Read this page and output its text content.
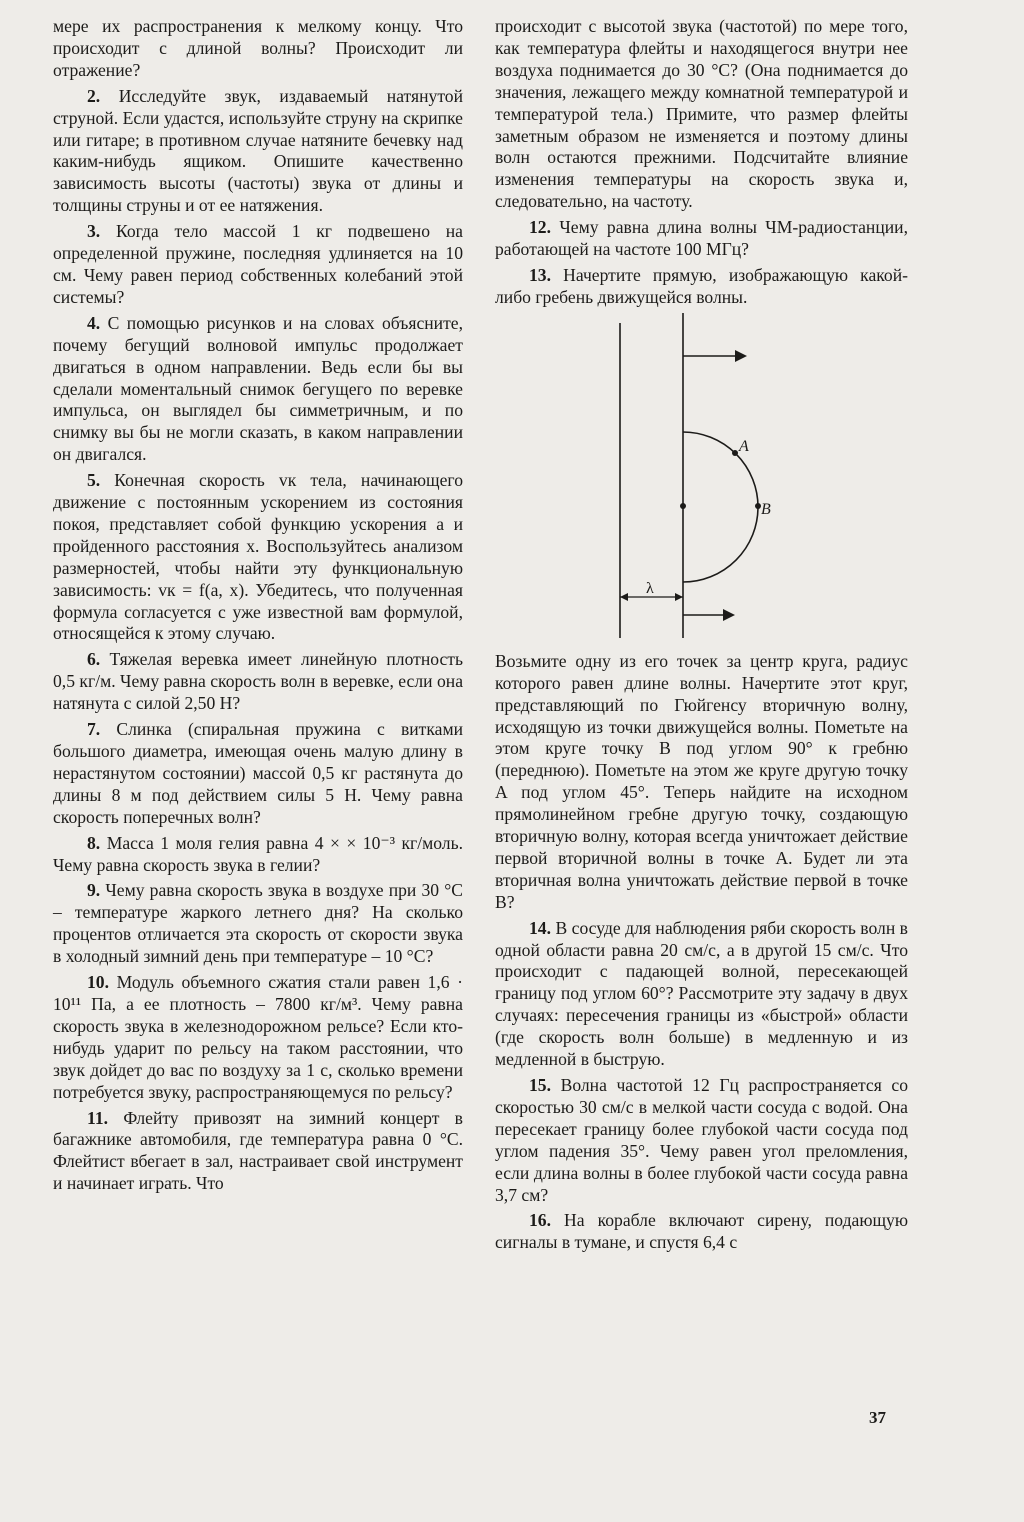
мере их распространения к мелкому концу. Что происходит с длиной волны? Происходит ли отражение?

2. Исследуйте звук, издаваемый натянутой струной. Если удастся, используйте струну на скрипке или гитаре; в противном случае натяните бечевку над каким-нибудь ящиком. Опишите качественно зависимость высоты (частоты) звука от длины и толщины струны и от ее натяжения.

3. Когда тело массой 1 кг подвешено на определенной пружине, последняя удлиняется на 10 см. Чему равен период собственных колебаний этой системы?

4. С помощью рисунков и на словах объясните, почему бегущий волновой импульс продолжает двигаться в одном направлении. Ведь если бы вы сделали моментальный снимок бегущего по веревке импульса, он выглядел бы симметричным, и по снимку вы бы не могли сказать, в каком направлении он двигался.

5. Конечная скорость vк тела, начинающего движение с постоянным ускорением из состояния покоя, представляет собой функцию ускорения a и пройденного расстояния x. Воспользуйтесь анализом размерностей, чтобы найти эту функциональную зависимость: vк = f(a, x). Убедитесь, что полученная формула согласуется с уже известной вам формулой, относящейся к этому случаю.

6. Тяжелая веревка имеет линейную плотность 0,5 кг/м. Чему равна скорость волн в веревке, если она натянута с силой 2,50 Н?

7. Слинка (спиральная пружина с витками большого диаметра, имеющая очень малую длину в нерастянутом состоянии) массой 0,5 кг растянута до длины 8 м под действием силы 5 Н. Чему равна скорость поперечных волн?

8. Масса 1 моля гелия равна 4 × × 10⁻³ кг/моль. Чему равна скорость звука в гелии?

9. Чему равна скорость звука в воздухе при 30 °С – температуре жаркого летнего дня? На сколько процентов отличается эта скорость от скорости звука в холодный зимний день при температуре – 10 °С?

10. Модуль объемного сжатия стали равен 1,6 · 10¹¹ Па, а ее плотность – 7800 кг/м³. Чему равна скорость звука в железнодорожном рельсе? Если кто-нибудь ударит по рельсу на таком расстоянии, что звук дойдет до вас по воздуху за 1 с, сколько времени потребуется звуку, распространяющемуся по рельсу?

11. Флейту привозят на зимний концерт в багажнике автомобиля, где температура равна 0 °С. Флейтист вбегает в зал, настраивает свой инструмент и начинает играть. Что

происходит с высотой звука (частотой) по мере того, как температура флейты и находящегося внутри нее воздуха поднимается до 30 °С? (Она поднимается до значения, лежащего между комнатной температурой и температурой тела.) Примите, что размер флейты заметным образом не изменяется и поэтому длины волн остаются прежними. Подсчитайте влияние изменения температуры на скорость звука и, следовательно, на частоту.

12. Чему равна длина волны ЧМ-радиостанции, работающей на частоте 100 МГц?

13. Начертите прямую, изображающую какой-либо гребень движущейся волны.

A
B
λ

Возьмите одну из его точек за центр круга, радиус которого равен длине волны. Начертите этот круг, представляющий по Гюйгенсу вторичную волну, исходящую из точки движущейся волны. Пометьте на этом круге точку B под углом 90° к гребню (переднюю). Пометьте на этом же круге другую точку A под углом 45°. Теперь найдите на исходном прямолинейном гребне другую точку, создающую вторичную волну, которая всегда уничтожает действие первой вторичной волны в точке A. Будет ли эта вторичная волна уничтожать действие первой в точке B?

14. В сосуде для наблюдения ряби скорость волн в одной области равна 20 см/с, а в другой 15 см/с. Что происходит с падающей волной, пересекающей границу под углом 60°? Рассмотрите эту задачу в двух случаях: пересечения границы из «быстрой» области (где скорость волн больше) в медленную и из медленной в быструю.

15. Волна частотой 12 Гц распространяется со скоростью 30 см/с в мелкой части сосуда с водой. Она пересекает границу более глубокой части сосуда под углом падения 35°. Чему равен угол преломления, если длина волны в более глубокой части сосуда равна 3,7 см?

16. На корабле включают сирену, подающую сигналы в тумане, и спустя 6,4 с

37
